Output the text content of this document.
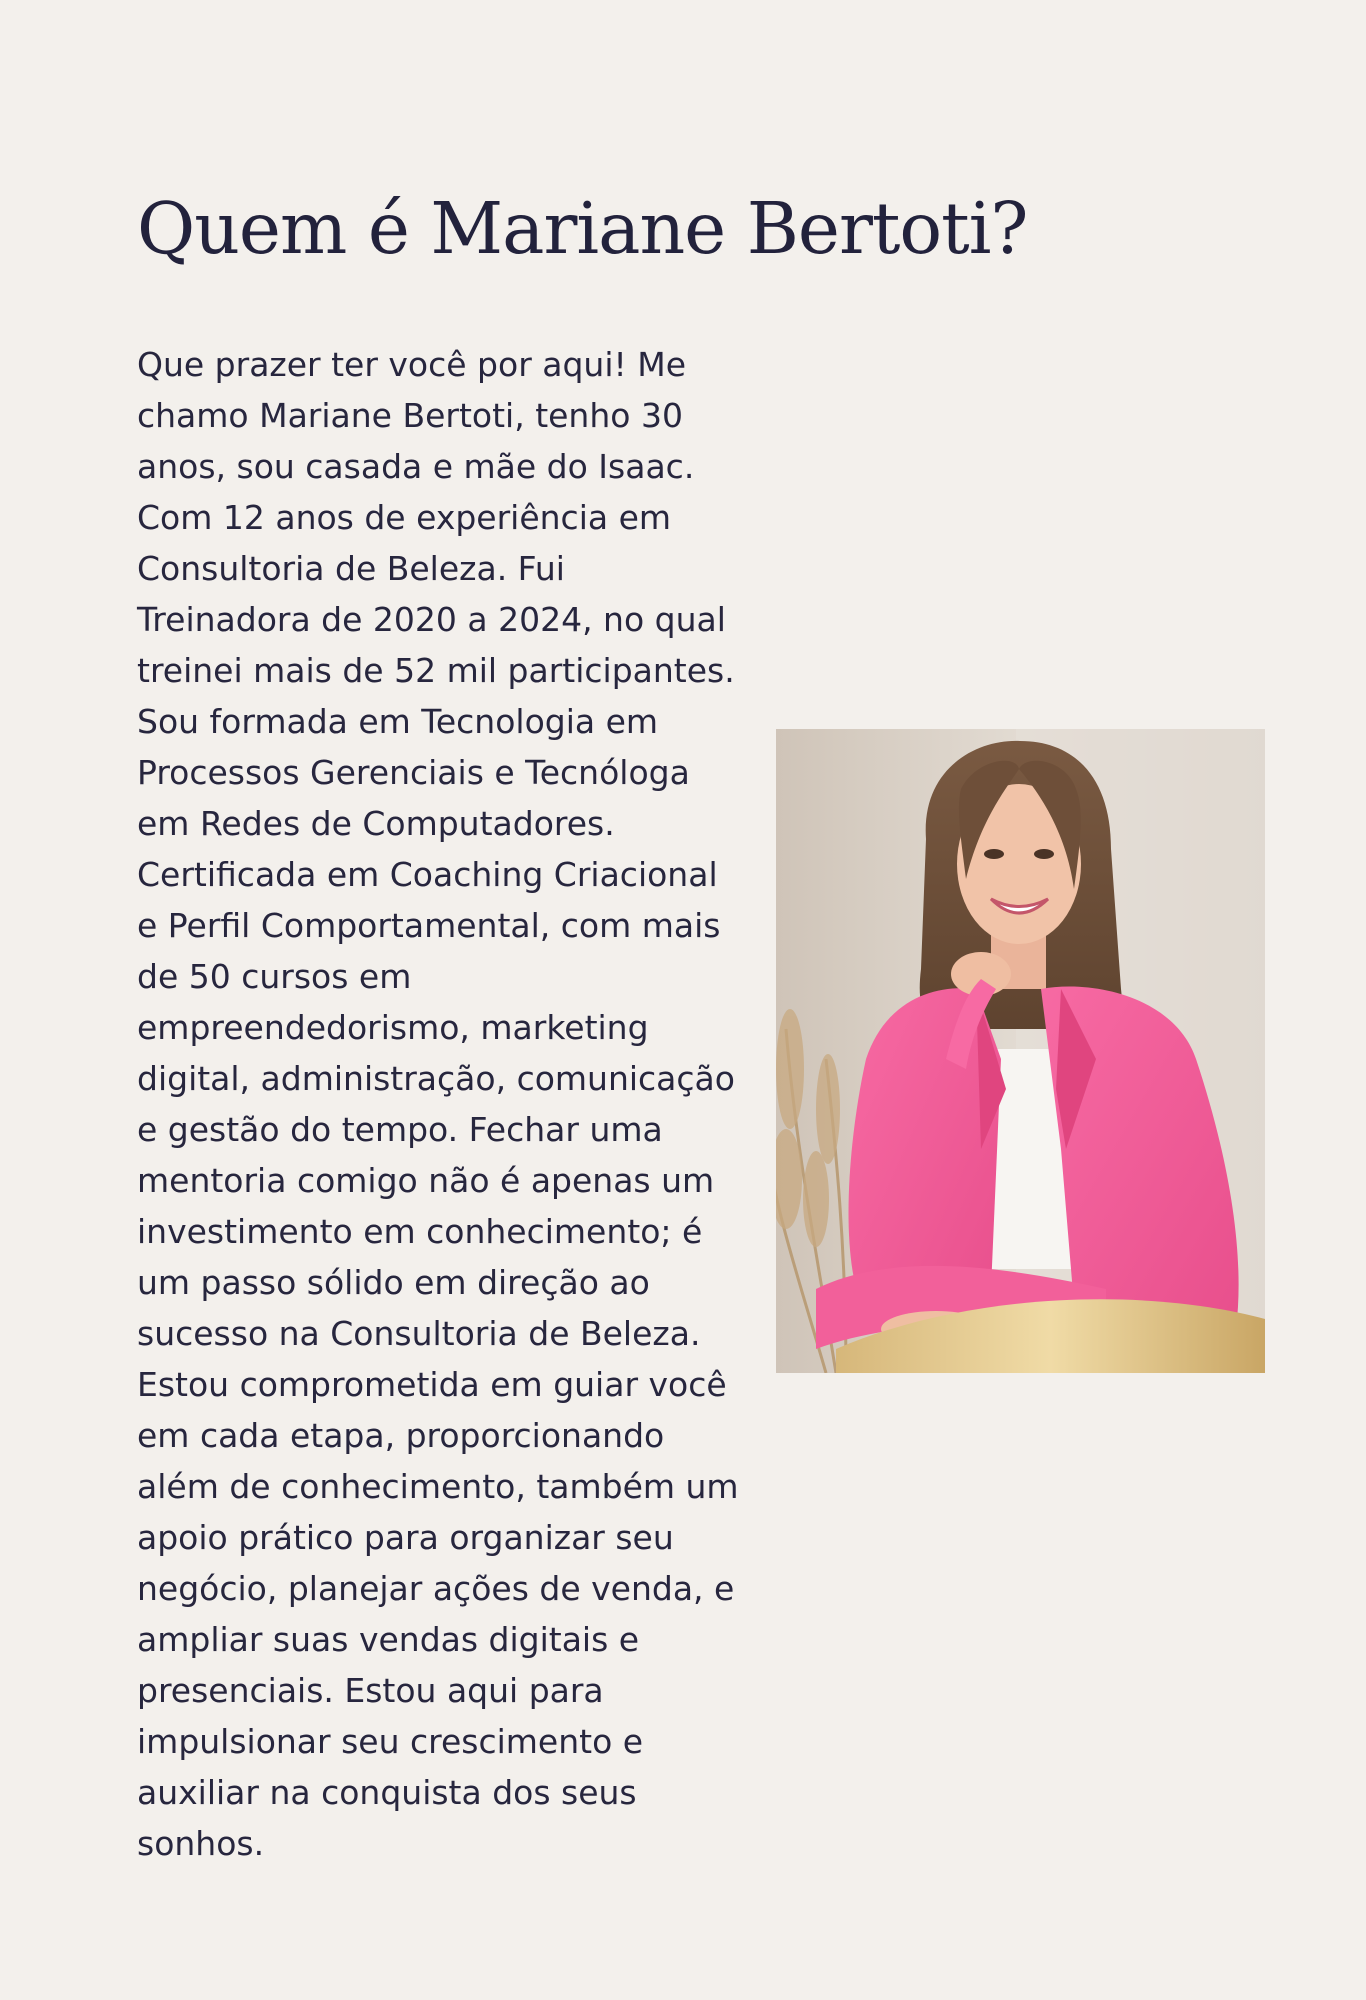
Quem é Mariane Bertoti?

Que prazer ter você por aqui! Me chamo Mariane Bertoti, tenho 30 anos, sou casada e mãe do Isaac. Com 12 anos de experiência em Consultoria de Beleza. Fui Treinadora de 2020 a 2024, no qual treinei mais de 52 mil participantes. Sou formada em Tecnologia em Processos Gerenciais e Tecnóloga em Redes de Computadores. Certificada em Coaching Criacional e Perfil Comportamental, com mais de 50 cursos em empreendedorismo, marketing digital, administração, comunicação e gestão do tempo. Fechar uma mentoria comigo não é apenas um investimento em conhecimento; é um passo sólido em direção ao sucesso na Consultoria de Beleza. Estou comprometida em guiar você em cada etapa, proporcionando além de conhecimento, também um apoio prático para organizar seu negócio, planejar ações de venda, e ampliar suas vendas digitais e presenciais. Estou aqui para impulsionar seu crescimento e auxiliar na conquista dos seus sonhos.
